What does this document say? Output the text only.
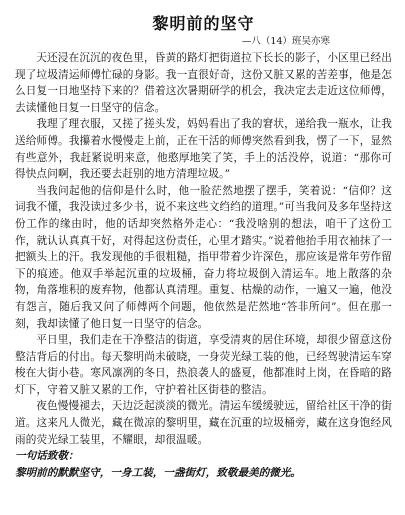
黎明前的坚守
—八（14）班吴亦寒

天还浸在沉沉的夜色里，昏黄的路灯把街道拉下长长的影子，小区里已经出现了垃圾清运师傅忙碌的身影。我一直很好奇，这份又脏又累的苦差事，他是怎么日复一日地坚持下来的？借着这次暑期研学的机会，我决定去走近这位师傅，去读懂他日复一日坚守的信念。

我理了理衣服，又搓了搓头发，妈妈看出了我的窘状，递给我一瓶水，让我送给师傅。我攥着水慢慢走上前，正在干活的师傅突然看到我，愣了一下，显然有些意外，我赶紧说明来意，他憨厚地笑了笑，手上的活没停，说道：“那你可得快点问啊，我还要去赶别的地方清理垃圾。”

当我问起他的信仰是什么时，他一脸茫然地摆了摆手，笑着说：“信仰？这词我不懂，我没读过多少书，说不来这些文绉绉的道理。”可当我问及多年坚持这份工作的缘由时，他的话却突然格外走心：“我没啥别的想法，咱干了这份工作，就认认真真干好，对得起这份责任，心里才踏实。”说着他抬手用衣袖抹了一把额头上的汗。我发现他的手很粗糙，指甲带着少许深色，那应该是常年劳作留下的痕迹。他双手举起沉重的垃圾桶，奋力将垃圾倒入清运车。地上散落的杂物，角落堆积的废弃物，他都认真清理。重复、枯燥的动作，一遍又一遍，他没有怨言，随后我又问了师傅两个问题，他依然是茫然地“答非所问”。但在那一刻，我却读懂了他日复一日坚守的信念。

平日里，我们走在干净整洁的街道，享受清爽的居住环境，却很少留意这份整洁背后的付出。每天黎明尚未破晓，一身荧光绿工装的他，已经驾驶清运车穿梭在大街小巷。寒风凛冽的冬日，热浪袭人的盛夏，他都准时上岗，在昏暗的路灯下，守着又脏又累的工作，守护着社区街巷的整洁。

夜色慢慢褪去，天边泛起淡淡的微光。清运车缓缓驶远，留给社区干净的街道。这来凡人微光，藏在微凉的黎明里，藏在沉重的垃圾桶旁，藏在这身饱经风雨的荧光绿工装里，不耀眼，却很温暖。

一句话致敬：

黎明前的默默坚守，一身工装，一盏街灯，致敬最美的微光。
